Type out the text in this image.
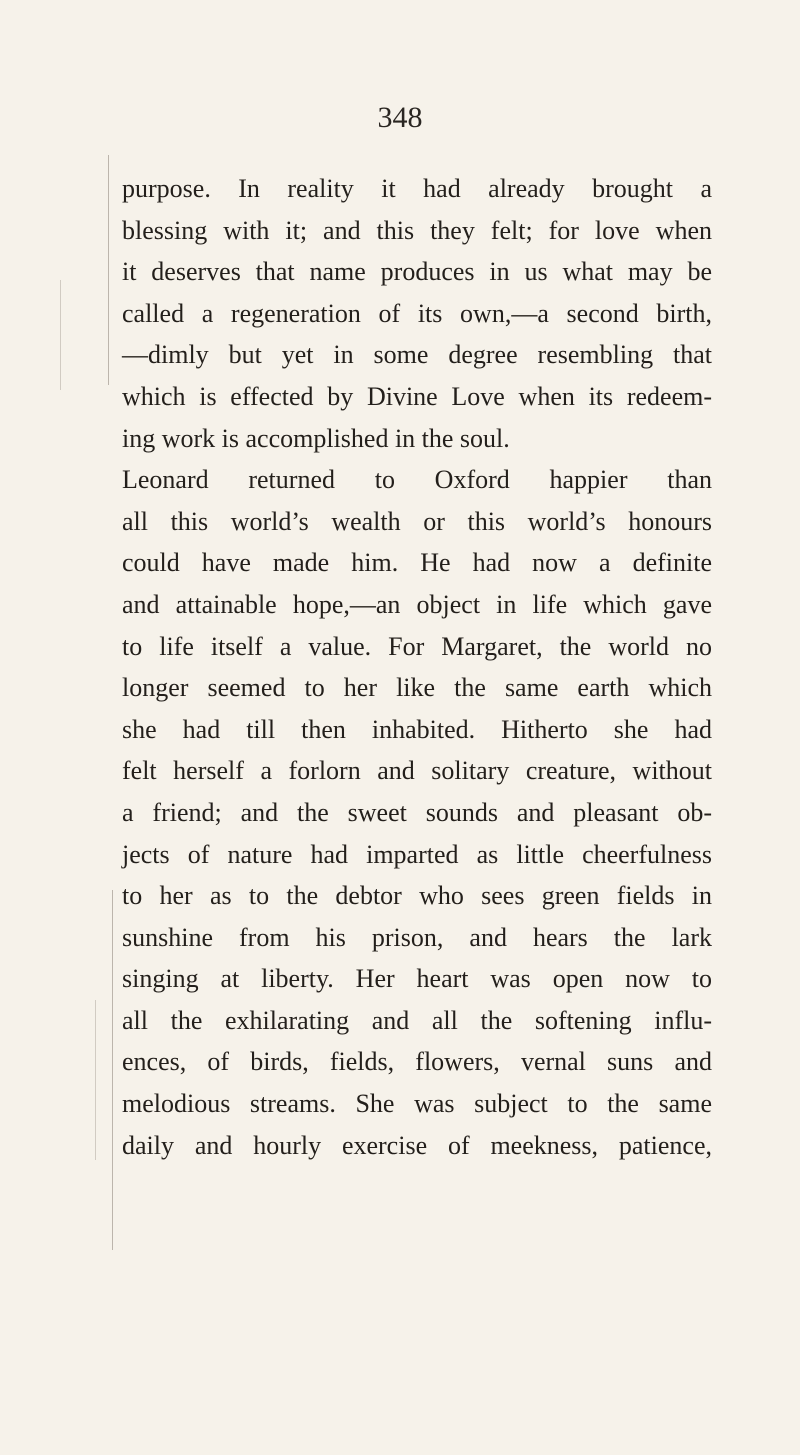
348
purpose. In reality it had already brought a
blessing with it; and this they felt; for love when
it deserves that name produces in us what may be
called a regeneration of its own,—a second birth,
—dimly but yet in some degree resembling that
which is effected by Divine Love when its redeem-
ing work is accomplished in the soul.
Leonard returned to Oxford happier than
all this world’s wealth or this world’s honours
could have made him. He had now a definite
and attainable hope,—an object in life which gave
to life itself a value. For Margaret, the world no
longer seemed to her like the same earth which
she had till then inhabited. Hitherto she had
felt herself a forlorn and solitary creature, without
a friend; and the sweet sounds and pleasant ob-
jects of nature had imparted as little cheerfulness
to her as to the debtor who sees green fields in
sunshine from his prison, and hears the lark
singing at liberty. Her heart was open now to
all the exhilarating and all the softening influ-
ences, of birds, fields, flowers, vernal suns and
melodious streams. She was subject to the same
daily and hourly exercise of meekness, patience,
